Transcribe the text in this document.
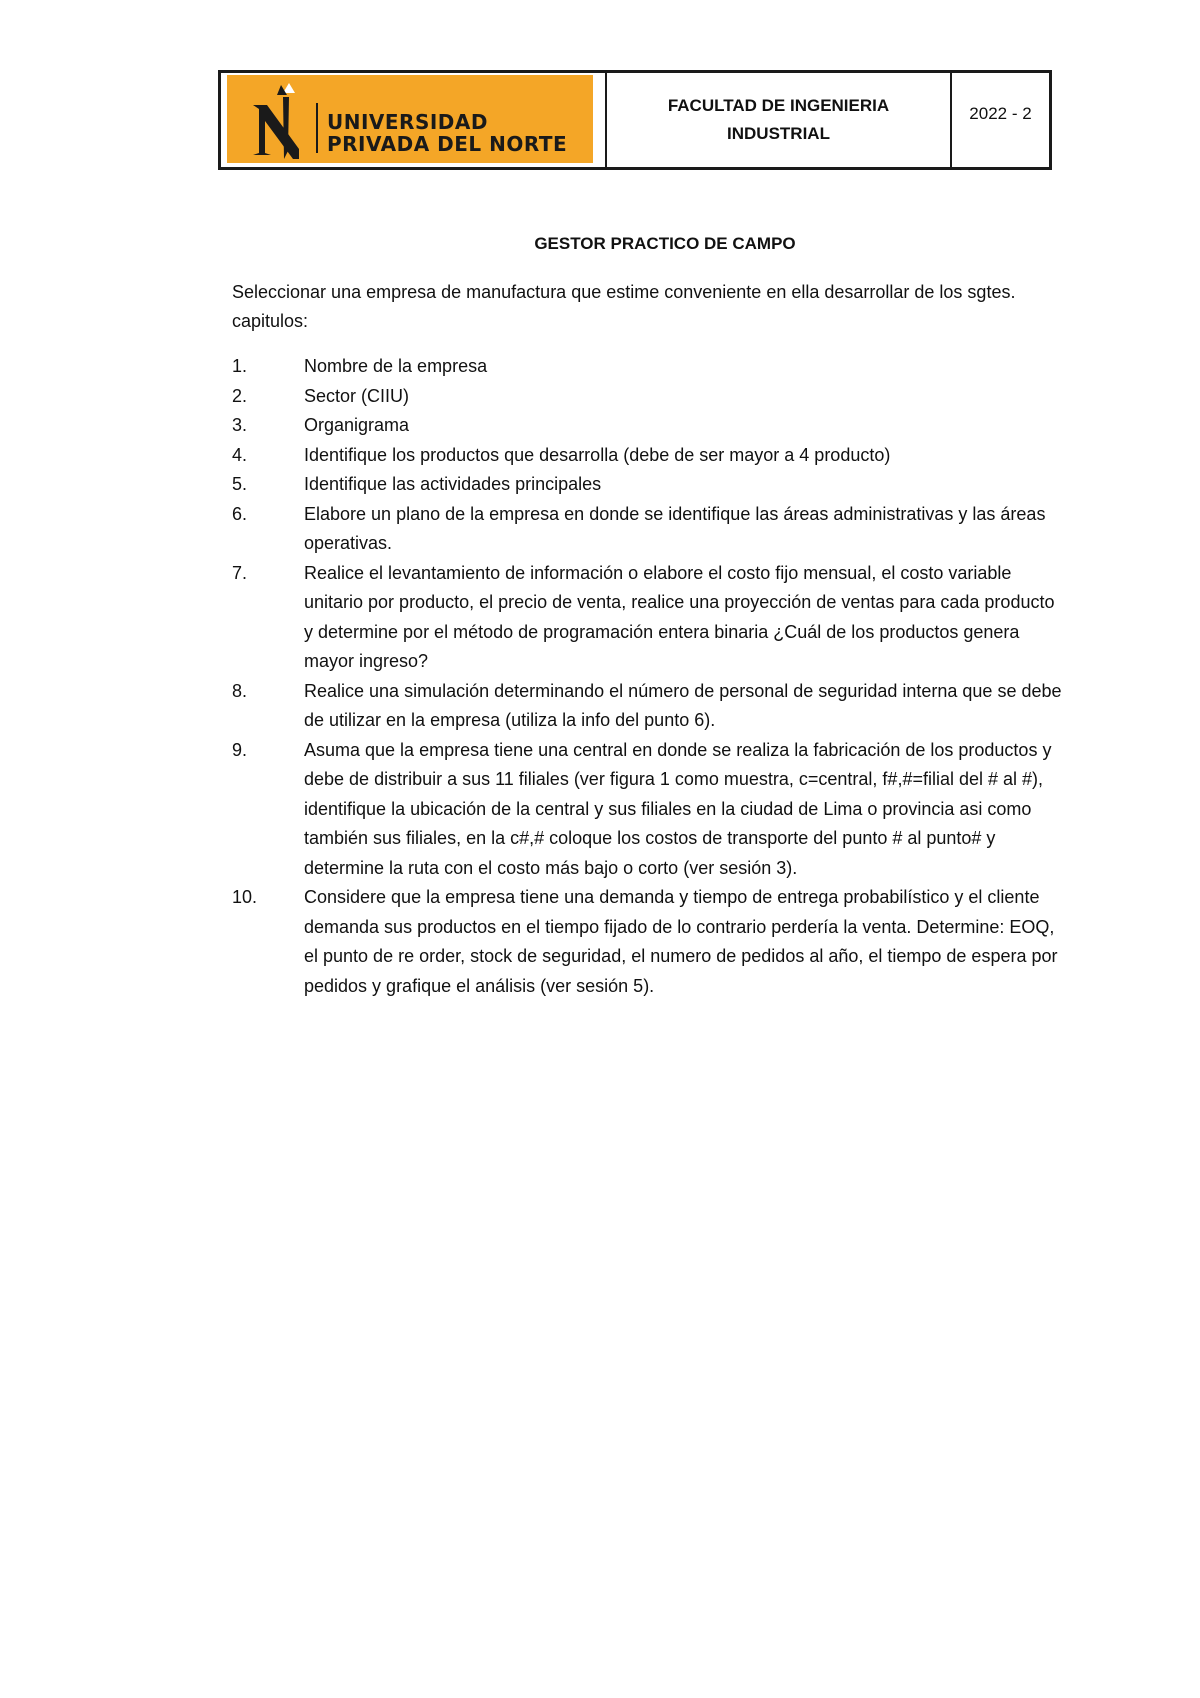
UNIVERSIDAD
PRIVADA DEL NORTE
FACULTAD DE INGENIERIA INDUSTRIAL
2022 - 2
GESTOR PRACTICO DE CAMPO
Seleccionar una empresa de manufactura que estime conveniente en ella desarrollar de los sgtes. capitulos:
1.	Nombre de la empresa
2.	Sector (CIIU)
3.	Organigrama
4.	Identifique los productos que desarrolla (debe de ser mayor a 4 producto)
5.	Identifique las actividades principales
6.	Elabore un plano de la empresa en donde se identifique las áreas administrativas y las áreas operativas.
7.	Realice el levantamiento de información o elabore el costo fijo mensual, el costo variable unitario por producto, el precio de venta, realice una proyección de ventas para cada producto y determine por el método de programación entera binaria ¿Cuál de los productos genera mayor ingreso?
8.	Realice una simulación determinando el número de personal de seguridad interna que se debe de utilizar en la empresa (utiliza la info del punto 6).
9.	Asuma que la empresa tiene una central en donde se realiza la fabricación de los productos y debe de distribuir a sus 11 filiales (ver figura 1 como muestra, c=central, f#,#=filial del # al #), identifique la ubicación de la central y sus filiales en la ciudad de Lima o provincia asi como también sus filiales, en la c#,# coloque los costos de transporte del punto # al punto# y determine la ruta con el costo más bajo o corto (ver sesión 3).
10.	Considere que la empresa tiene una demanda y tiempo de entrega probabilístico y el cliente demanda sus productos en el tiempo fijado de lo contrario perdería la venta. Determine: EOQ, el punto de re order, stock de seguridad, el numero de pedidos al año, el tiempo de espera por pedidos y grafique el análisis (ver sesión 5).
